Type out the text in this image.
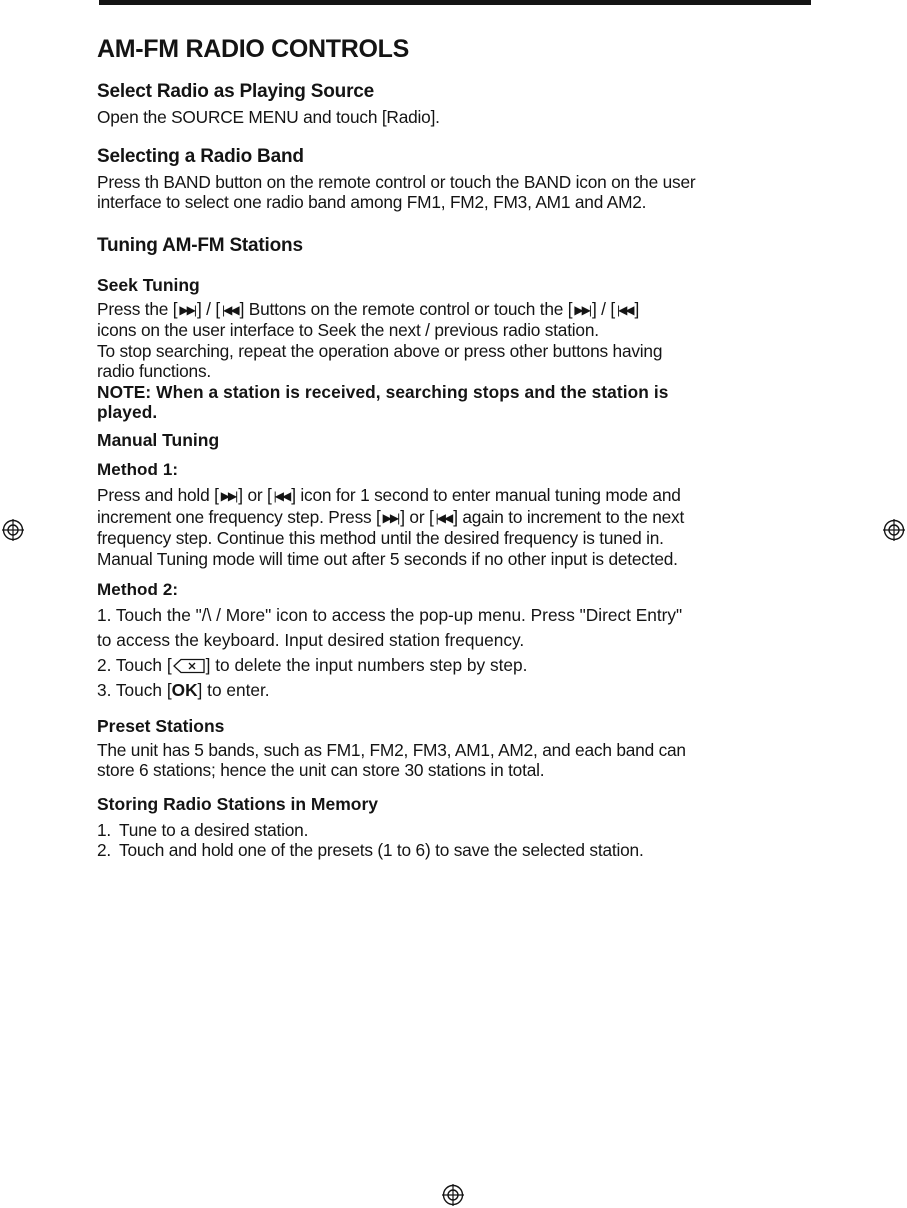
AM-FM RADIO CONTROLS
Select Radio as Playing Source

Open the SOURCE MENU and touch [Radio].

Selecting a Radio Band

Press th BAND button on the remote control or touch the BAND icon on the user

interface to select one radio band among FM1, FM2, FM3, AM1 and AM2.

Tuning AM-FM Stations
Seek Tuning

Press the [ ▶▶| ] / [ |◀◀ ] Buttons on the remote control or touch the [ ▶▶| ] / [ |◀◀ ]

icons on the user interface to Seek the next / previous radio station.

To stop searching, repeat the operation above or press other buttons having

radio functions.

NOTE: When a station is received, searching stops and the station is

played.

Manual Tuning

Method 1:

Press and hold [ ▶▶| ] or [ |◀◀ ] icon for 1 second to enter manual tuning mode and

increment one frequency step. Press [ ▶▶| ] or [ |◀◀ ] again to increment to the next

frequency step. Continue this method until the desired frequency is tuned in.

Manual Tuning mode will time out after 5 seconds if no other input is detected.

Method 2:

1. Touch the "/\ / More" icon to access the pop-up menu. Press "Direct Entry"

to access the keyboard. Input desired station frequency.

2. Touch [ ] to delete the input numbers step by step.

3. Touch [OK] to enter.

Preset Stations

The unit has 5 bands, such as FM1, FM2, FM3, AM1, AM2, and each band can

store 6 stations; hence the unit can store 30 stations in total.

Storing Radio Stations in Memory

1. Tune to a desired station.

2. Touch and hold one of the presets (1 to 6) to save the selected station.
